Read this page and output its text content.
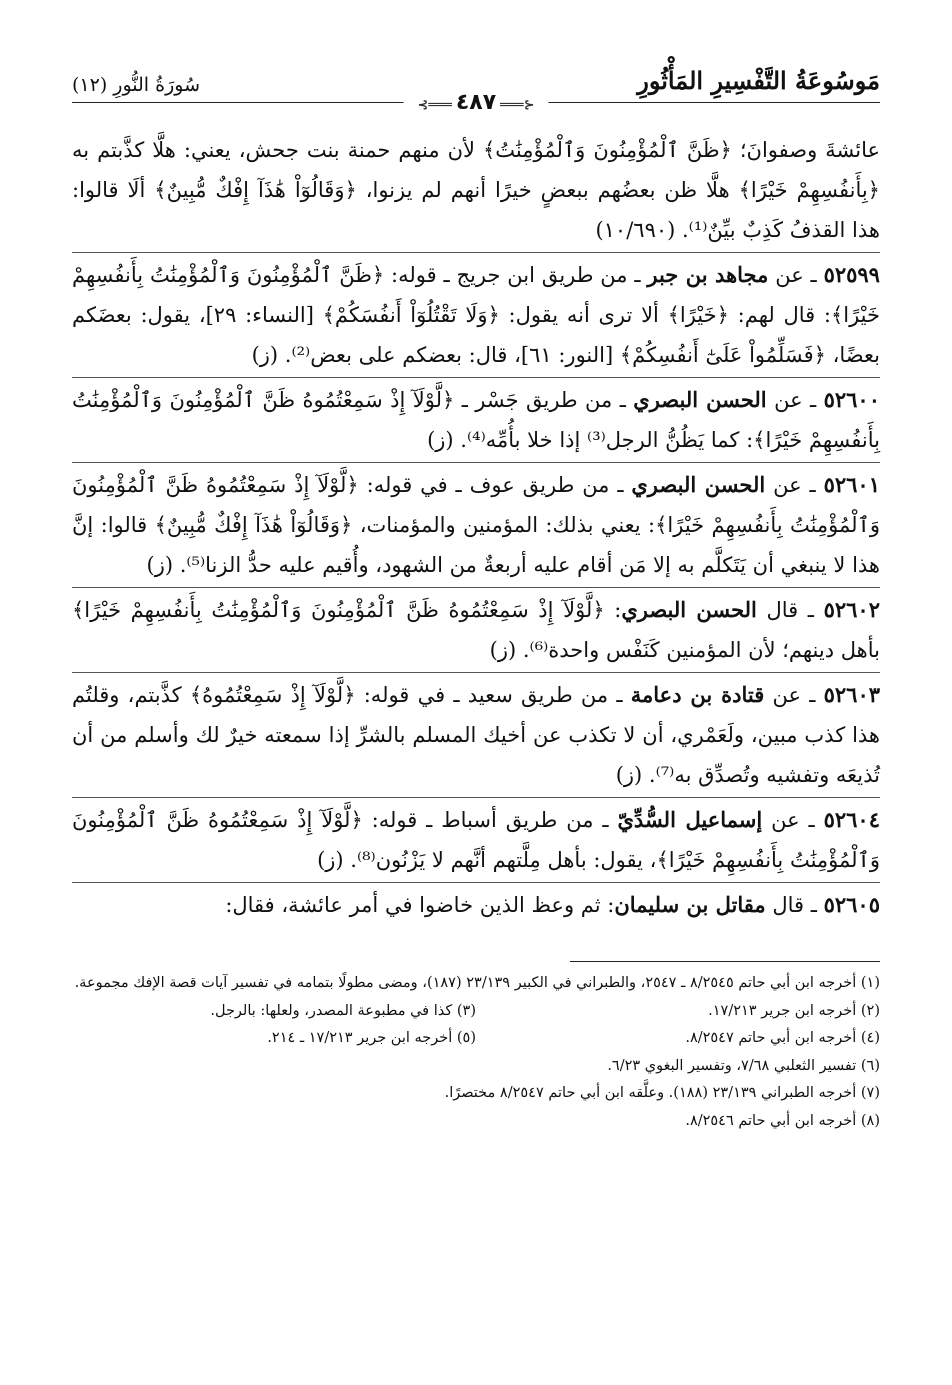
مَوسُوعَةُ التَّفْسِيرِ المَأْثُورِ
⊰═══٤٨٧═══⊱
سُورَةُ النُّورِ (١٢)

عائشةَ وصفوانَ؛ ﴿ظَنَّ ٱلْمُؤْمِنُونَ وَٱلْمُؤْمِنَٰتُ﴾ لأن منهم حمنة بنت جحش، يعني: هلَّا كذَّبتم به ﴿بِأَنفُسِهِمْ خَيْرًا﴾ هلَّا ظن بعضُهم ببعضٍ خيرًا أنهم لم يزنوا، ﴿وَقَالُوٓاْ هَٰذَآ إِفْكٌ مُّبِينٌ﴾ ألَا قالوا: هذا القذفُ كَذِبٌ بيِّنٌ⁽¹⁾. (١٠/٦٩٠)

٥٢٥٩٩ ـ عن مجاهد بن جبر ـ من طريق ابن جريج ـ قوله: ﴿ظَنَّ ٱلْمُؤْمِنُونَ وَٱلْمُؤْمِنَٰتُ بِأَنفُسِهِمْ خَيْرًا﴾: قال لهم: ﴿خَيْرًا﴾ ألا ترى أنه يقول: ﴿وَلَا تَقْتُلُوٓاْ أَنفُسَكُمْ﴾ [النساء: ٢٩]، يقول: بعضَكم بعضًا، ﴿فَسَلِّمُواْ عَلَىٰٓ أَنفُسِكُمْ﴾ [النور: ٦١]، قال: بعضكم على بعض⁽²⁾. (ز)

٥٢٦٠٠ ـ عن الحسن البصري ـ من طريق جَسْر ـ ﴿لَّوْلَآ إِذْ سَمِعْتُمُوهُ ظَنَّ ٱلْمُؤْمِنُونَ وَٱلْمُؤْمِنَٰتُ بِأَنفُسِهِمْ خَيْرًا﴾: كما يَظُنُّ الرجل⁽³⁾ إذا خلا بأُمِّه⁽⁴⁾. (ز)

٥٢٦٠١ ـ عن الحسن البصري ـ من طريق عوف ـ في قوله: ﴿لَّوْلَآ إِذْ سَمِعْتُمُوهُ ظَنَّ ٱلْمُؤْمِنُونَ وَٱلْمُؤْمِنَٰتُ بِأَنفُسِهِمْ خَيْرًا﴾: يعني بذلك: المؤمنين والمؤمنات، ﴿وَقَالُوٓاْ هَٰذَآ إِفْكٌ مُّبِينٌ﴾ قالوا: إنَّ هذا لا ينبغي أن يَتَكلَّم به إلا مَن أقام عليه أربعةٌ من الشهود، وأُقيم عليه حدُّ الزنا⁽⁵⁾. (ز)

٥٢٦٠٢ ـ قال الحسن البصري: ﴿لَّوْلَآ إِذْ سَمِعْتُمُوهُ ظَنَّ ٱلْمُؤْمِنُونَ وَٱلْمُؤْمِنَٰتُ بِأَنفُسِهِمْ خَيْرًا﴾ بأهل دينهم؛ لأن المؤمنين كَنَفْس واحدة⁽⁶⁾. (ز)

٥٢٦٠٣ ـ عن قتادة بن دعامة ـ من طريق سعيد ـ في قوله: ﴿لَّوْلَآ إِذْ سَمِعْتُمُوهُ﴾ كذَّبتم، وقلتُم هذا كذب مبين، ولَعَمْري، أن لا تكذب عن أخيك المسلم بالشرِّ إذا سمعته خيرٌ لك وأسلم من أن تُذيعَه وتفشيه وتُصدِّق به⁽⁷⁾. (ز)

٥٢٦٠٤ ـ عن إسماعيل السُّدِّيّ ـ من طريق أسباط ـ قوله: ﴿لَّوْلَآ إِذْ سَمِعْتُمُوهُ ظَنَّ ٱلْمُؤْمِنُونَ وَٱلْمُؤْمِنَٰتُ بِأَنفُسِهِمْ خَيْرًا﴾، يقول: بأهل مِلَّتهم أنَّهم لا يَزْنُون⁽⁸⁾. (ز)

٥٢٦٠٥ ـ قال مقاتل بن سليمان: ثم وعظ الذين خاضوا في أمر عائشة، فقال:

(١) أخرجه ابن أبي حاتم ٨/٢٥٤٥ ـ ٢٥٤٧، والطبراني في الكبير ٢٣/١٣٩ (١٨٧)، ومضى مطولًا بتمامه في تفسير آيات قصة الإفك مجموعة.

(٢) أخرجه ابن جرير ١٧/٢١٣.

(٣) كذا في مطبوعة المصدر، ولعلها: بالرجل.

(٤) أخرجه ابن أبي حاتم ٨/٢٥٤٧.

(٥) أخرجه ابن جرير ١٧/٢١٣ ـ ٢١٤.

(٦) تفسير الثعلبي ٧/٦٨، وتفسير البغوي ٦/٢٣.

(٧) أخرجه الطبراني ٢٣/١٣٩ (١٨٨). وعلَّقه ابن أبي حاتم ٨/٢٥٤٧ مختصرًا.

(٨) أخرجه ابن أبي حاتم ٨/٢٥٤٦.
